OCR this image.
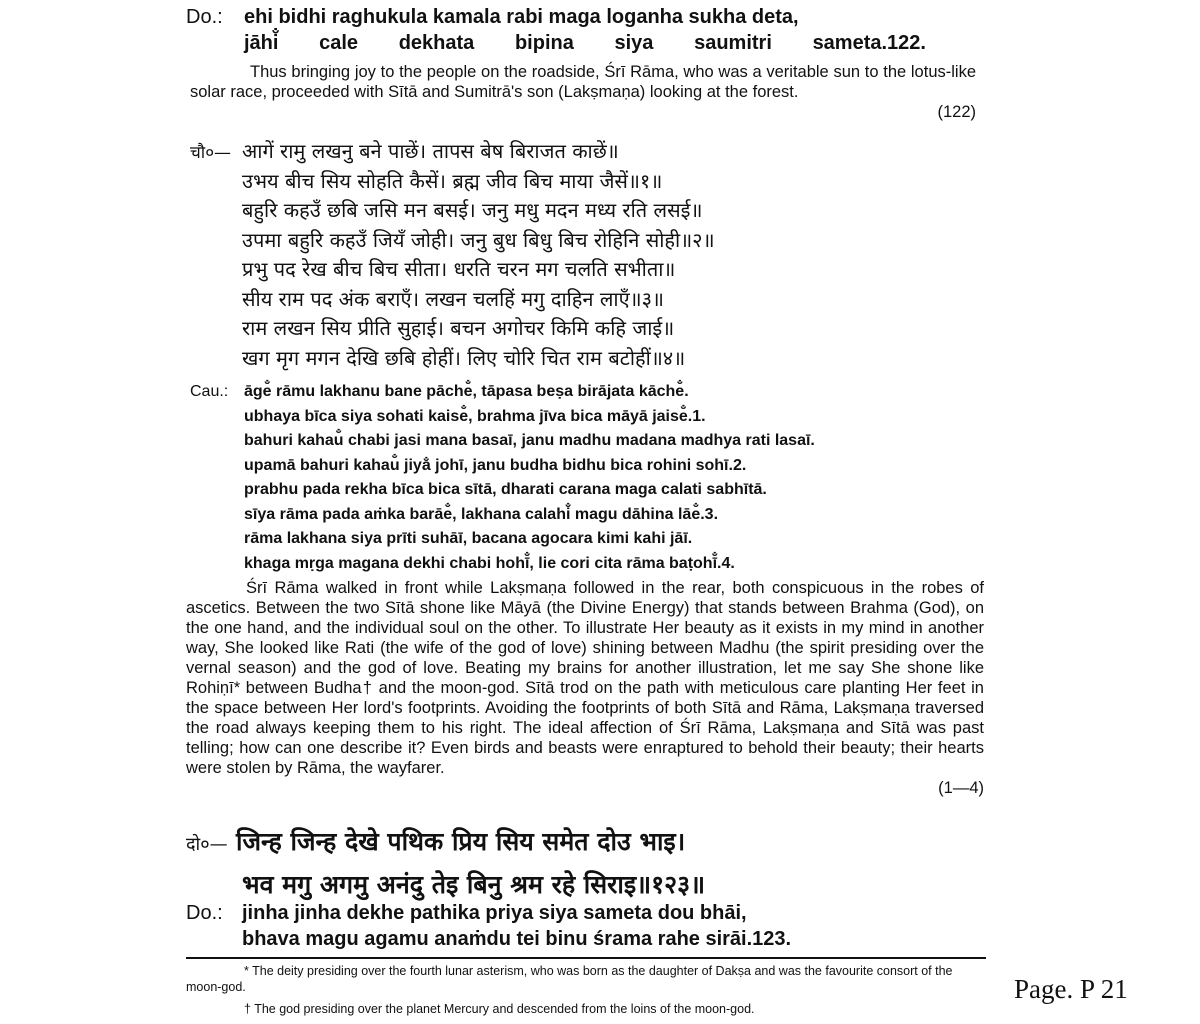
Do.: ehi bidhi raghukula kamala rabi maga loganha sukha deta,
jāhi̐ cale dekhata bipina siya saumitri sameta.122.
Thus bringing joy to the people on the roadside, Śrī Rāma, who was a veritable sun to the lotus-like solar race, proceeded with Sītā and Sumitrā's son (Lakṣmaṇa) looking at the forest.
(122)
चौ०— आगें रामु लखनु बने पाछें। तापस बेष बिराजत काछें॥
उभय बीच सिय सोहति कैसें। ब्रह्म जीव बिच माया जैसें॥१॥
बहुरि कहउँ छबि जसि मन बसई। जनु मधु मदन मध्य रति लसई॥
उपमा बहुरि कहउँ जियँ जोही। जनु बुध बिधु बिच रोहिनि सोही॥२॥
प्रभु पद रेख बीच बिच सीता। धरति चरन मग चलति सभीता॥
सीय राम पद अंक बराएँ। लखन चलहिं मगु दाहिन लाएँ॥३॥
राम लखन सिय प्रीति सुहाई। बचन अगोचर किमि कहि जाई॥
खग मृग मगन देखि छबि होहीं। लिए चोरि चित राम बटोहीं॥४॥
Cau.: āge̐ rāmu lakhanu bane pāche̐, tāpasa beṣa birājata kāche̐.
ubhaya bīca siya sohati kaise̐, brahma jīva bica māyā jaise̐.1.
bahuri kahau̐ chabi jasi mana basaī, janu madhu madana madhya rati lasaī.
upamā bahuri kahau̐ jiya̐ johī, janu budha bidhu bica rohini sohī.2.
prabhu pada rekha bīca bica sītā, dharati carana maga calati sabhītā.
sīya rāma pada aṁka barāe̐, lakhana calahi̐ magu dāhina lāe̐.3.
rāma lakhana siya prīti suhāī, bacana agocara kimi kahi jāī.
khaga mṛga magana dekhi chabi hohī̐, lie cori cita rāma baṭohī̐.4.
Śrī Rāma walked in front while Lakṣmaṇa followed in the rear, both conspicuous in the robes of ascetics. Between the two Sītā shone like Māyā (the Divine Energy) that stands between Brahma (God), on the one hand, and the individual soul on the other. To illustrate Her beauty as it exists in my mind in another way, She looked like Rati (the wife of the god of love) shining between Madhu (the spirit presiding over the vernal season) and the god of love. Beating my brains for another illustration, let me say She shone like Rohiṇī* between Budha† and the moon-god. Sītā trod on the path with meticulous care planting Her feet in the space between Her lord's footprints. Avoiding the footprints of both Sītā and Rāma, Lakṣmaṇa traversed the road always keeping them to his right. The ideal affection of Śrī Rāma, Lakṣmaṇa and Sītā was past telling; how can one describe it? Even birds and beasts were enraptured to behold their beauty; their hearts were stolen by Rāma, the wayfarer.
(1—4)
दो०— जिन्ह जिन्ह देखे पथिक प्रिय सिय समेत दोउ भाइ।
भव मगु अगमु अनंदु तेइ बिनु श्रम रहे सिराइ॥१२३॥
Do.: jinha jinha dekhe pathika priya siya sameta dou bhāi,
bhava magu agamu anaṁdu tei binu śrama rahe sirāi.123.
* The deity presiding over the fourth lunar asterism, who was born as the daughter of Dakṣa and was the favourite consort of the moon-god.
† The god presiding over the planet Mercury and descended from the loins of the moon-god.
Page. P 21
